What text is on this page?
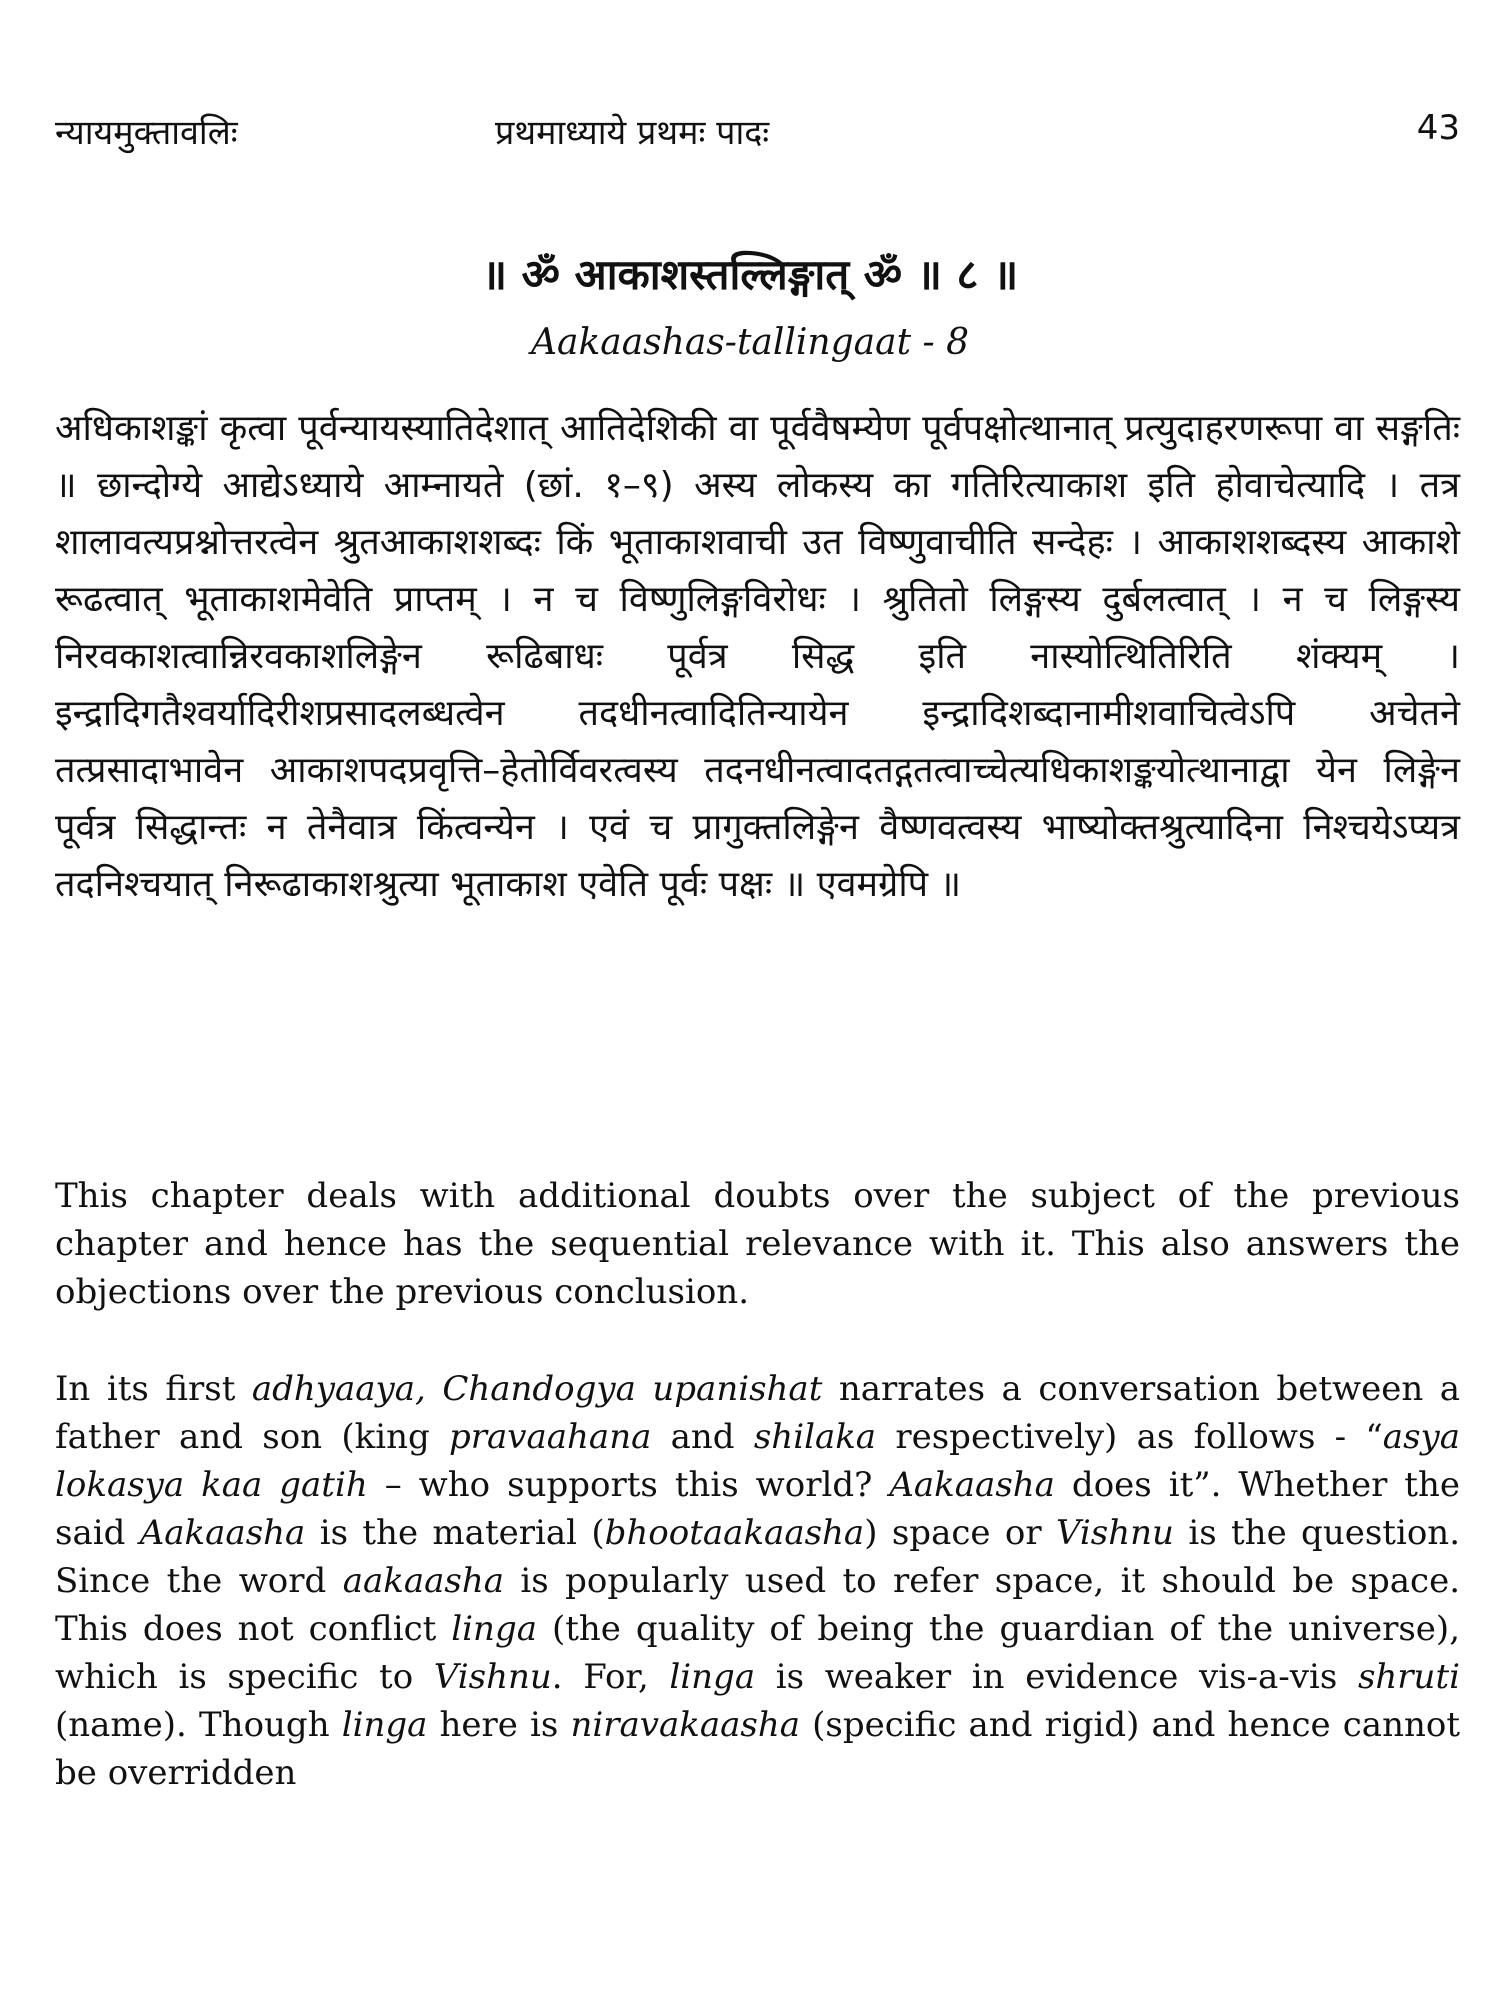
न्यायमुक्तावलिः	प्रथमाध्याये प्रथमः पादः	43
॥ ॐ आकाशस्तल्लिङ्गात् ॐ ॥ ८ ॥
Aakaashas-tallingaat - 8

अधिकाशङ्कां कृत्वा पूर्वन्यायस्यातिदेशात् आतिदेशिकी वा पूर्ववैषम्येण पूर्वपक्षोत्थानात् प्रत्युदाहरणरूपा वा सङ्गतिः ॥ छान्दोग्ये आद्येऽध्याये आम्नायते (छां. १–९) अस्य लोकस्य का गतिरित्याकाश इति होवाचेत्यादि । तत्र शालावत्यप्रश्नोत्तरत्वेन श्रुतआकाशशब्दः किं भूताकाशवाची उत विष्णुवाचीति सन्देहः । आकाशशब्दस्य आकाशे रूढत्वात् भूताकाशमेवेति प्राप्तम् । न च विष्णुलिङ्गविरोधः । श्रुतितो लिङ्गस्य दुर्बलत्वात् । न च लिङ्गस्य निरवकाशत्वान्निरवकाशलिङ्गेन रूढिबाधः पूर्वत्र सिद्ध इति नास्योत्थितिरिति शंक्यम् । इन्द्रादिगतैश्वर्यादिरीशप्रसादलब्धत्वेन तदधीनत्वादितिन्यायेन इन्द्रादिशब्दानामीशवाचित्वेऽपि अचेतने तत्प्रसादाभावेन आकाशपदप्रवृत्ति–हेतोर्विवरत्वस्य तदनधीनत्वादतद्गतत्वाच्चेत्यधिकाशङ्कयोत्थानाद्वा येन लिङ्गेन पूर्वत्र सिद्धान्तः न तेनैवात्र किंत्वन्येन । एवं च प्रागुक्तलिङ्गेन वैष्णवत्वस्य भाष्योक्तश्रुत्यादिना निश्चयेऽप्यत्र तदनिश्चयात् निरूढाकाशश्रुत्या भूताकाश एवेति पूर्वः पक्षः ॥ एवमग्रेपि ॥

This chapter deals with additional doubts over the subject of the previous chapter and hence has the sequential relevance with it. This also answers the objections over the previous conclusion.

In its first adhyaaya, Chandogya upanishat narrates a conversation between a father and son (king pravaahana and shilaka respectively) as follows - “asya lokasya kaa gatih – who supports this world? Aakaasha does it”. Whether the said Aakaasha is the material (bhootaakaasha) space or Vishnu is the question. Since the word aakaasha is popularly used to refer space, it should be space. This does not conflict linga (the quality of being the guardian of the universe), which is specific to Vishnu. For, linga is weaker in evidence vis-a-vis shruti (name). Though linga here is niravakaasha (specific and rigid) and hence cannot be overridden
